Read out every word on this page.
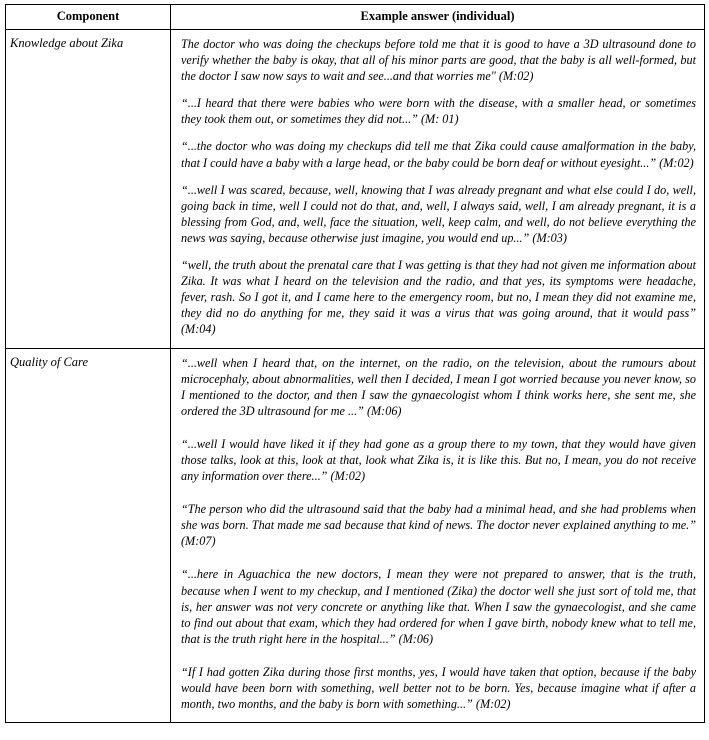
Component	Example answer (individual)
Knowledge about Zika	The doctor who was doing the checkups before told me that it is good to have a 3D ultrasound done to verify whether the baby is okay, that all of his minor parts are good, that the baby is all well-formed, but the doctor I saw now says to wait and see...and that worries me" (M:02)

“...I heard that there were babies who were born with the disease, with a smaller head, or sometimes they took them out, or sometimes they did not...” (M: 01)

“...the doctor who was doing my checkups did tell me that Zika could cause amalformation in the baby, that I could have a baby with a large head, or the baby could be born deaf or without eyesight...” (M:02)

“...well I was scared, because, well, knowing that I was already pregnant and what else could I do, well, going back in time, well I could not do that, and, well, I always said, well, I am already pregnant, it is a blessing from God, and, well, face the situation, well, keep calm, and well, do not believe everything the news was saying, because otherwise just imagine, you would end up...” (M:03)

“well, the truth about the prenatal care that I was getting is that they had not given me information about Zika. It was what I heard on the television and the radio, and that yes, its symptoms were headache, fever, rash. So I got it, and I came here to the emergency room, but no, I mean they did not examine me, they did no do anything for me, they said it was a virus that was going around, that it would pass” (M:04)

Quality of Care	“...well when I heard that, on the internet, on the radio, on the television, about the rumours about microcephaly, about abnormalities, well then I decided, I mean I got worried because you never know, so I mentioned to the doctor, and then I saw the gynaecologist whom I think works here, she sent me, she ordered the 3D ultrasound for me ...” (M:06)

“...well I would have liked it if they had gone as a group there to my town, that they would have given those talks, look at this, look at that, look what Zika is, it is like this. But no, I mean, you do not receive any information over there...” (M:02)

“The person who did the ultrasound said that the baby had a minimal head, and she had problems when she was born. That made me sad because that kind of news. The doctor never explained anything to me.” (M:07)

“...here in Aguachica the new doctors, I mean they were not prepared to answer, that is the truth, because when I went to my checkup, and I mentioned (Zika) the doctor well she just sort of told me, that is, her answer was not very concrete or anything like that. When I saw the gynaecologist, and she came to find out about that exam, which they had ordered for when I gave birth, nobody knew what to tell me, that is the truth right here in the hospital...” (M:06)

“If I had gotten Zika during those first months, yes, I would have taken that option, because if the baby would have been born with something, well better not to be born. Yes, because imagine what if after a month, two months, and the baby is born with something...” (M:02)
